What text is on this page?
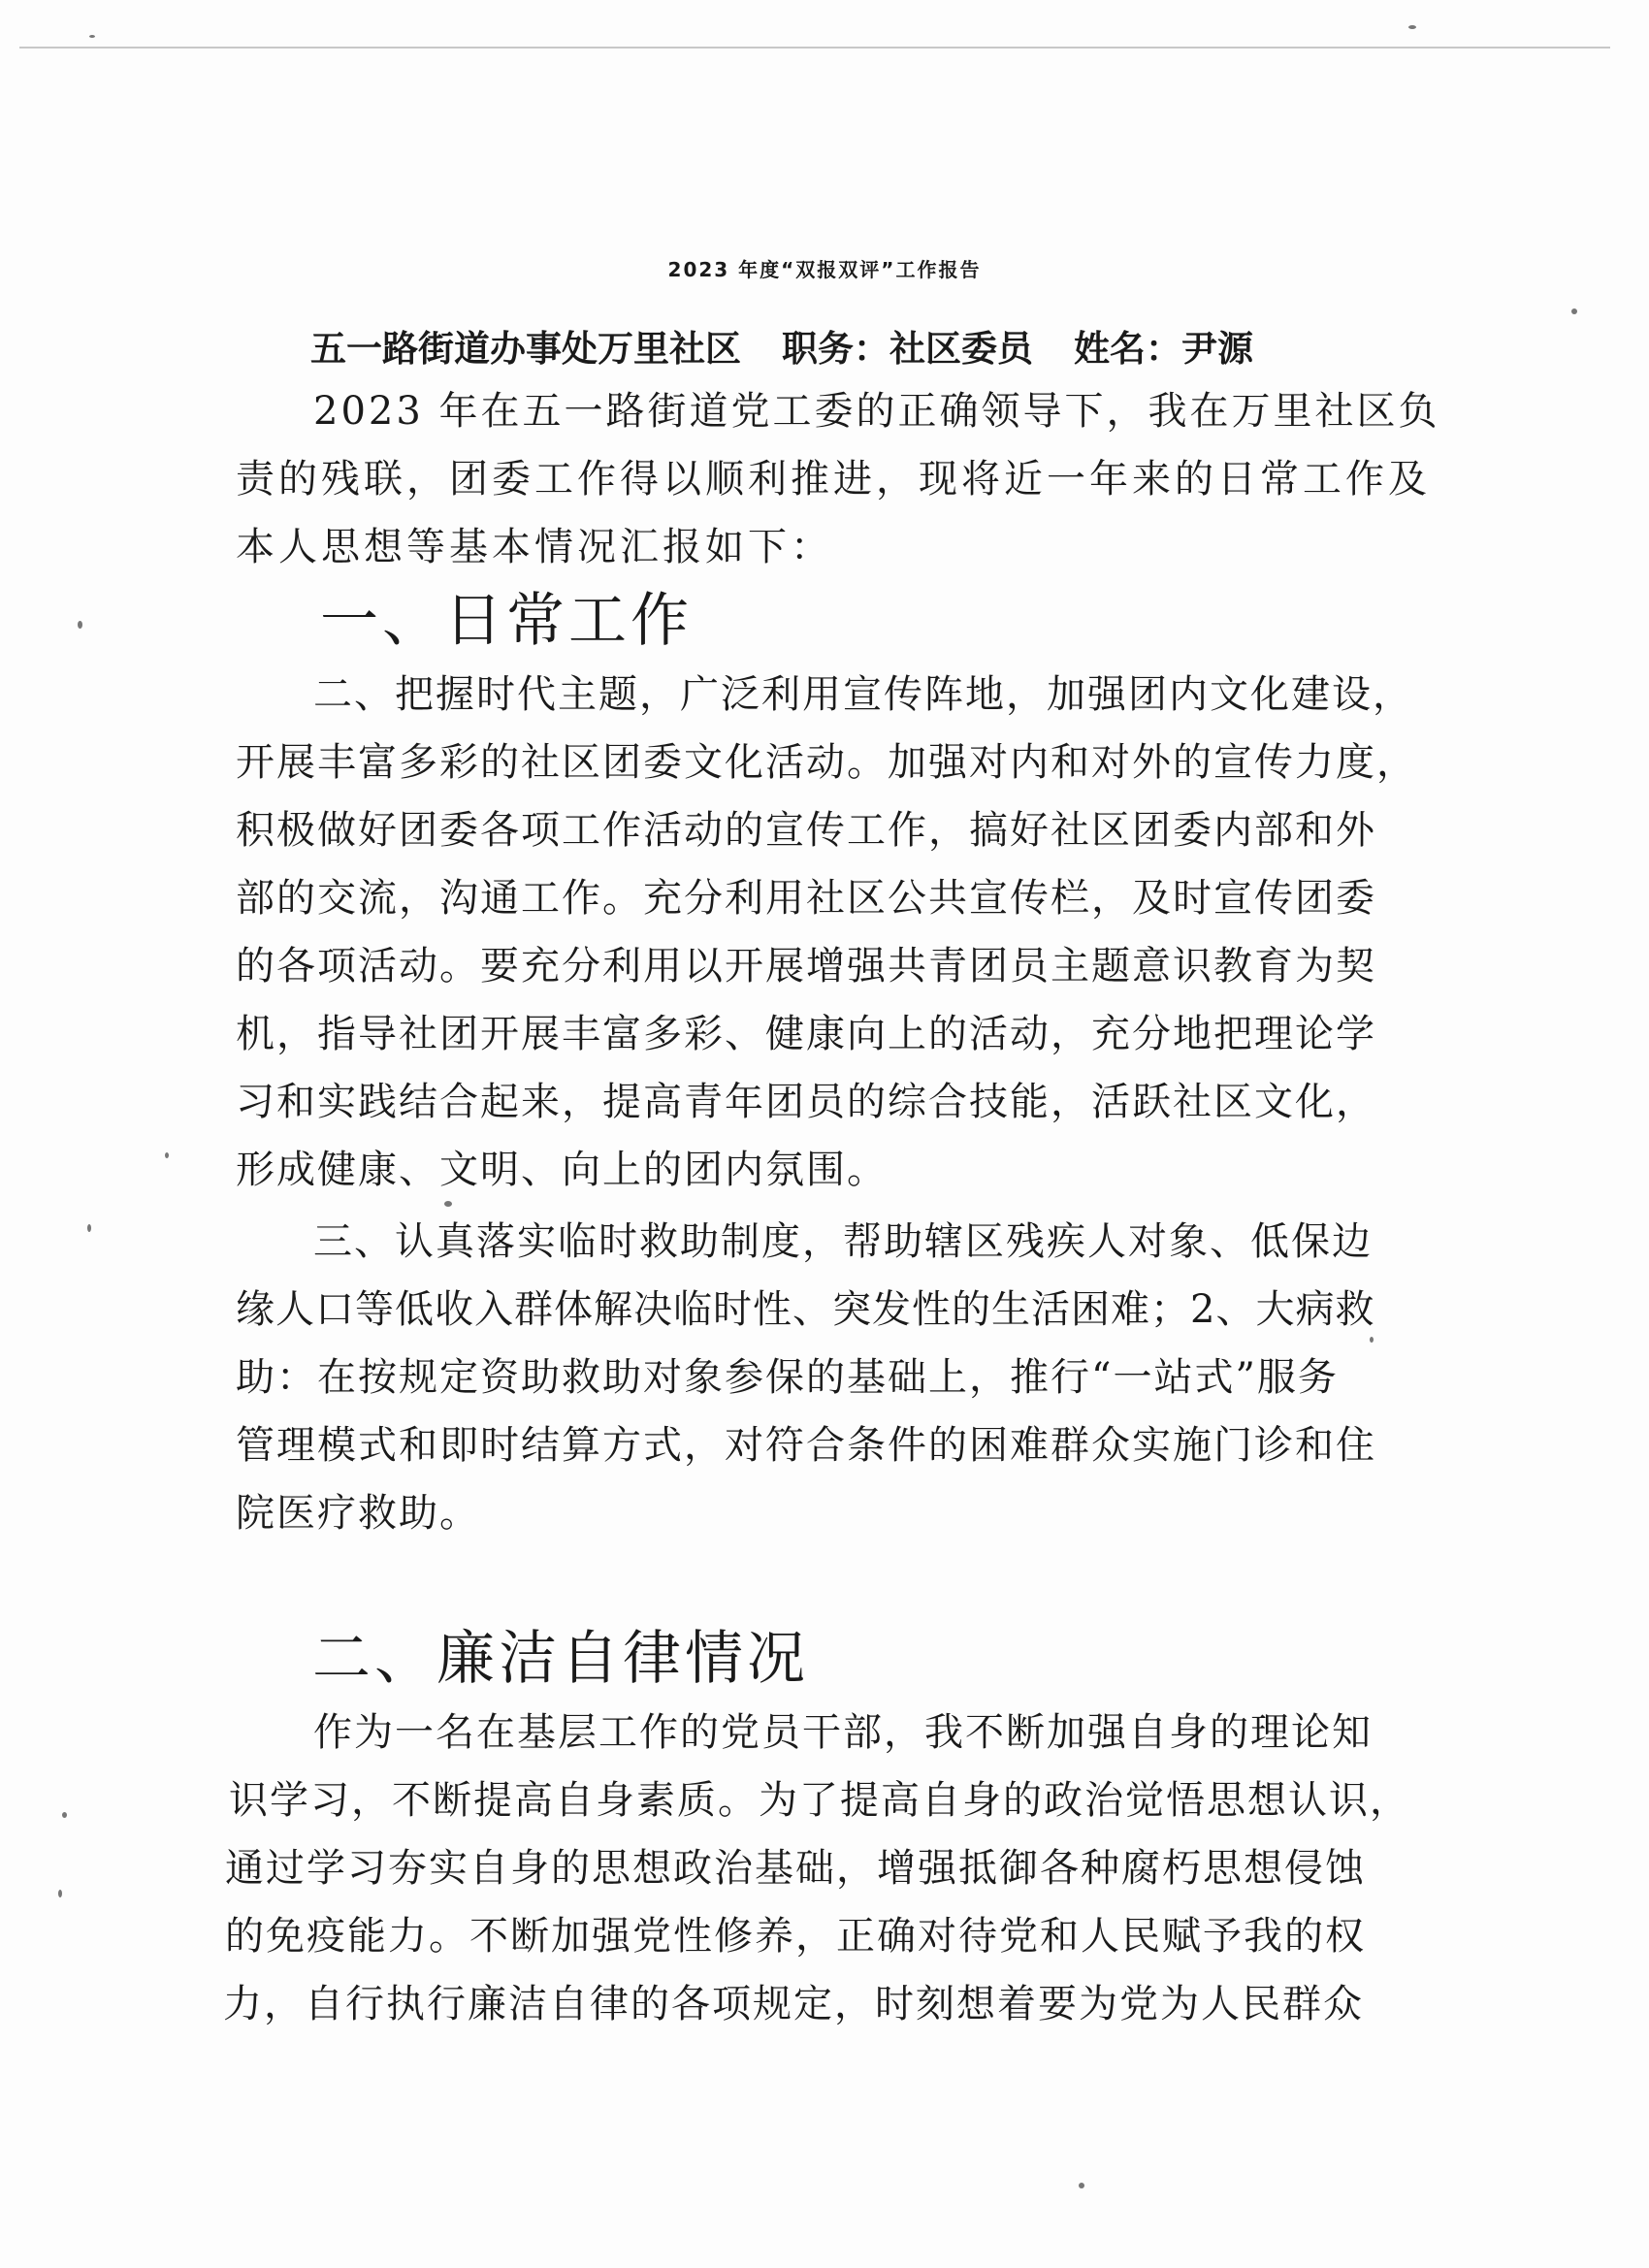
2023 年度“双报双评”工作报告
五一路街道办事处万里社区 职务：社区委员 姓名：尹源
2023 年在五一路街道党工委的正确领导下，我在万里社区负
责的残联，团委工作得以顺利推进，现将近一年来的日常工作及
本人思想等基本情况汇报如下：
一、日常工作
二、把握时代主题，广泛利用宣传阵地，加强团内文化建设，
开展丰富多彩的社区团委文化活动。加强对内和对外的宣传力度，
积极做好团委各项工作活动的宣传工作，搞好社区团委内部和外
部的交流，沟通工作。充分利用社区公共宣传栏，及时宣传团委
的各项活动。要充分利用以开展增强共青团员主题意识教育为契
机，指导社团开展丰富多彩、健康向上的活动，充分地把理论学
习和实践结合起来，提高青年团员的综合技能，活跃社区文化，
形成健康、文明、向上的团内氛围。
三、认真落实临时救助制度，帮助辖区残疾人对象、低保边
缘人口等低收入群体解决临时性、突发性的生活困难；2、大病救
助：在按规定资助救助对象参保的基础上，推行“一站式”服务
管理模式和即时结算方式，对符合条件的困难群众实施门诊和住
院医疗救助。
二、廉洁自律情况
作为一名在基层工作的党员干部，我不断加强自身的理论知
识学习，不断提高自身素质。为了提高自身的政治觉悟思想认识，
通过学习夯实自身的思想政治基础，增强抵御各种腐朽思想侵蚀
的免疫能力。不断加强党性修养，正确对待党和人民赋予我的权
力，自行执行廉洁自律的各项规定，时刻想着要为党为人民群众
